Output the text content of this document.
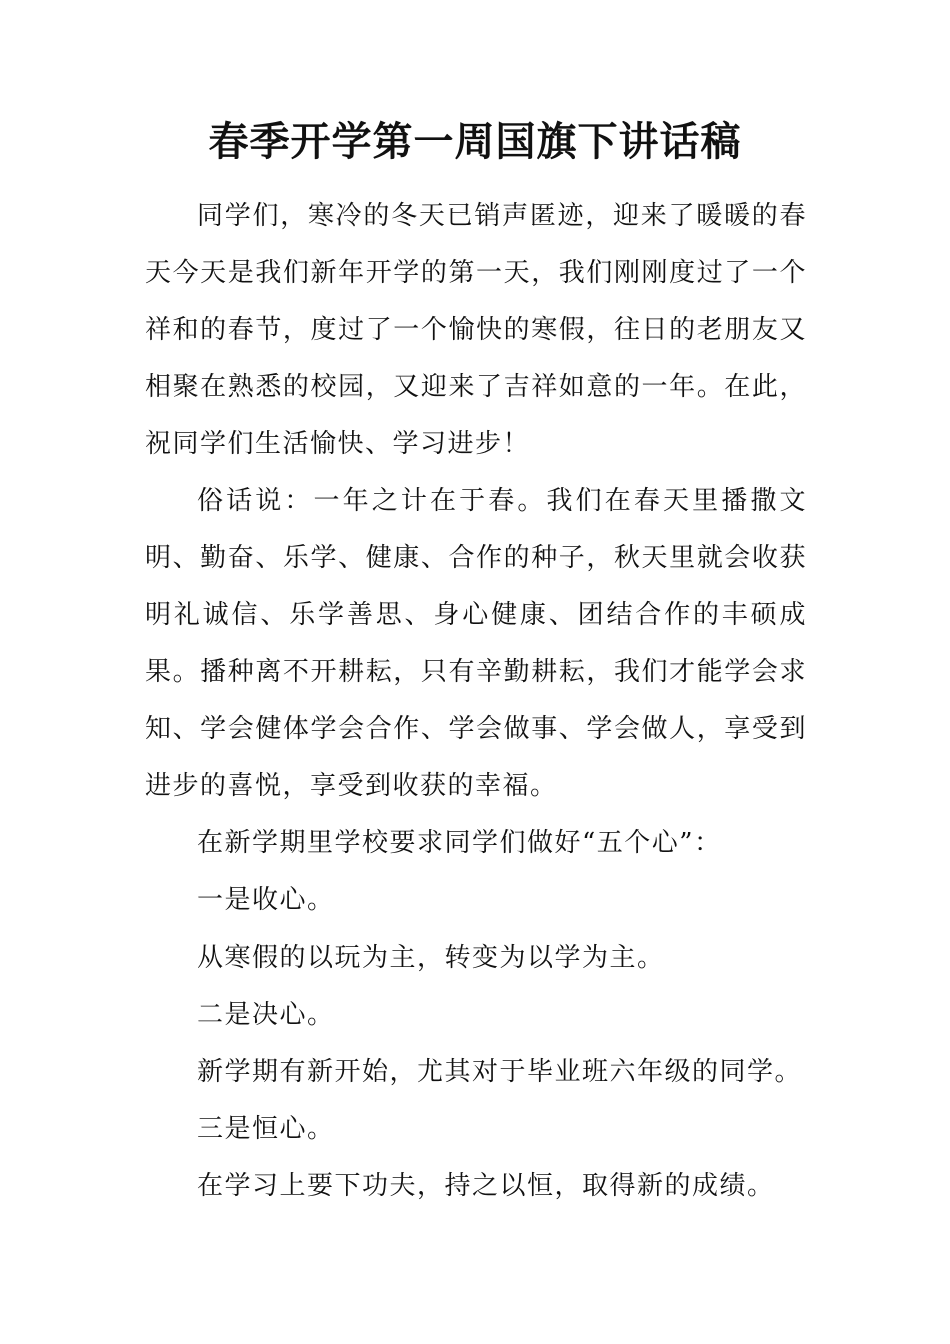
春季开学第一周国旗下讲话稿

同学们，寒冷的冬天已销声匿迹，迎来了暖暖的春天今天是我们新年开学的第一天，我们刚刚度过了一个祥和的春节，度过了一个愉快的寒假，往日的老朋友又相聚在熟悉的校园，又迎来了吉祥如意的一年。在此，祝同学们生活愉快、学习进步！

俗话说：一年之计在于春。我们在春天里播撒文明、勤奋、乐学、健康、合作的种子，秋天里就会收获明礼诚信、乐学善思、身心健康、团结合作的丰硕成果。播种离不开耕耘，只有辛勤耕耘，我们才能学会求知、学会健体学会合作、学会做事、学会做人，享受到进步的喜悦，享受到收获的幸福。

在新学期里学校要求同学们做好“五个心”：
一是收心。
从寒假的以玩为主，转变为以学为主。
二是决心。
新学期有新开始，尤其对于毕业班六年级的同学。
三是恒心。
在学习上要下功夫，持之以恒，取得新的成绩。
